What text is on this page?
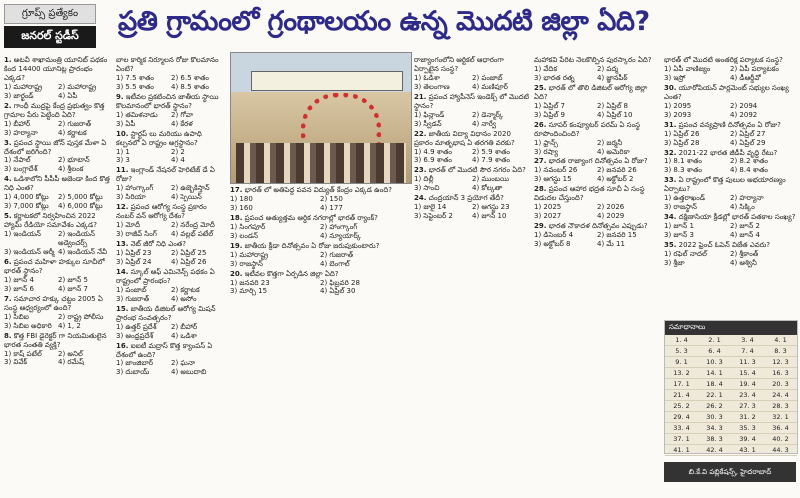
గ్రూప్స్ ప్రత్యేకం
జనరల్ స్టడీస్	ప్రతి గ్రామంలో గ్రంథాలయం ఉన్న మొదటి జిల్లా ఏది?
1. అటవీ శాఖామంత్రి యూనిట్ పథకం కింద 14400 యూనిట్ల ప్రారంభం ఎక్కడ?
1) మహారాష్ట్ర	2) మహారాష్ట్ర
3) జార్ఖండ్	4) ఏపీ
2. గాంధీ ముద్రపై కేంద్ర ప్రభుత్వం కొత్త గ్రామాల పేరు పెట్టింది ఏది?
1) బీహార్	2) గుజరాత్
3) హర్యానా	4) కర్ణాటక
3. ప్రపంచ స్థాయి జోన్ పుస్తక మేళా ఏ దేశంలో జరిగింది?
1) నేపాల్	2) భూటాన్
3) బంగ్లాదేశ్	4) శ్రీలంక
4. ఒడిశాలోని పీపీపీ అజెండా కింద కొత్త నిధి ఎంత?
1) 4,000 కోట్లు	2) 5,000 కోట్లు
3) 7,000 కోట్లు	4) 6,000 కోట్లు
5. కర్ణాటకలో నిర్వహించిన 2022 హ్యామ్ రేడియో సమావేశం ఎక్కడ?
1) ఇండియన్	2) ఇండియన్ అడ్వెంచర్స్
3) ఇండియన్ ఆర్మీ 4) ఇండియన్ నేవీ
6. ప్రపంచ మహిళా హక్కుల సూచీలో భారత్ స్థానం?
1) జూన్ 4	2) జూన్ 5
3) జూన్ 6	4) జూన్ 7
7. సమాచార హక్కు చట్టం 2005 ఏ సంస్థ ఆధ్వర్యంలో ఉంది?
1) సిబిఐ	2) రాష్ట్ర పోలీసు
3) సిబిఐ అధికారి 4) 1, 2
8. కొత్త FBI డైరెక్టర్ గా నియమితులైన భారత సంతతి వ్యక్తి?
1) కాష్ పటేల్	2) అనిల్
3) వివేక్	4) రమేష్
బాల కార్మిక నిర్మూలన రోజు కొలమానం ఏంటి?
1) 7.5 శాతం	2) 6.5 శాతం
3) 5.5 శాతం	4) 8.5 శాతం
9. ఇటీవల ప్రకటించిన జాతీయ స్థాయి కొలమానంలో భారత్ స్థానం?
1) తమిళనాడు	2) గోవా
3) ఏపీ	4) కేరళ
10. స్టార్టప్ లు మరియు ఉపాధి కల్పనలో ఏ రాష్ట్రం అగ్రస్థానం?
1) 1	2) 2
3) 3	4) 4
11. ఇంగ్లాండ్ నేషనల్ హెరిటేజ్ డే ఏ రోజు?
1) హాంగ్కాంగ్	2) ఉజ్బెకిస్తాన్
3) సిరియా	4) స్పెయిన్
12. ప్రపంచ ఆరోగ్య సంస్థ ప్రకారం నంబర్ వన్ ఆరోగ్య దేశం?
1) మోదీ	2) నరేంద్ర మోదీ
3) రాజీవ్ సింగ్	4) వల్లభ్ పటేల్
13. నెట్ జీరో నిధి ఎంత?
1) ఏప్రిల్ 23	2) ఏప్రిల్ 25
3) ఏప్రిల్ 24	4) ఏప్రిల్ 26
14. స్కూల్ ఆఫ్ ఎమినెన్స్ పథకం ఏ రాష్ట్రంలో ప్రారంభం?
1) పంజాబ్	2) కర్ణాటక
3) గుజరాత్	4) అసోం
15. జాతీయ డిజిటల్ ఆరోగ్య మిషన్ ప్రారంభ సంవత్సరం?
1) ఉత్తర్ ప్రదేశ్	2) బీహార్
3) ఆంధ్రప్రదేశ్	4) ఒడిశా
16. ఐఐటీ మద్రాస్ కొత్త క్యాంపస్ ఏ దేశంలో ఉంది?
1) జాంజిబార్	2) ఘనా
3) దుబాయ్	4) అబుదాబి
17. భారత్ లో అతిపెద్ద పవన విద్యుత్ కేంద్రం ఎక్కడ ఉంది?
1) 180	2) 150
3) 160	4) 177
18. ప్రపంచ అత్యుత్తమ ఆర్థిక నగరాల్లో భారత్ ర్యాంక్?
1) సింగపూర్	2) హాంగ్కాంగ్
3) లండన్	4) న్యూయార్క్
19. జాతీయ క్రీడా దినోత్సవం ఏ రోజు జరుపుకుంటారు?
1) మహారాష్ట్ర	2) గుజరాత్
3) రాజస్థాన్	4) బెంగాల్
20. ఇటీవల కొత్తగా ఏర్పడిన జిల్లా ఏది?
1) జనవరి 23	2) ఫిబ్రవరి 28
3) మార్చి 15	4) ఏప్రిల్ 30
రాజ్యాంగంలోని ఆర్టికల్ ఆధారంగా ఏర్పాటైన సంస్థ?
1) ఓడిశా	2) పంజాబ్
3) తెలంగాణ	4) మణిపూర్
21. ప్రపంచ హ్యాపీనెస్ ఇండెక్స్ లో మొదటి స్థానం?
1) ఫిన్లాండ్	2) డెన్మార్క్
3) స్వీడన్	4) నార్వే
22. జాతీయ విద్యా విధానం 2020 ప్రకారం మాతృభాష ఏ తరగతి వరకు?
1) 4.9 శాతం	2) 5.9 శాతం
3) 6.9 శాతం	4) 7.9 శాతం
23. భారత్ లో మొదటి సౌర నగరం ఏది?
1) దిల్లీ	2) ముంబయి
3) సాంచి	4) కోల్కతా
24. చంద్రయాన్ 3 ప్రయోగ తేదీ?
1) జులై 14	2) ఆగస్టు 23
3) సెప్టెంబర్ 2	4) జూన్ 10
మహాకవి పేరిట నెలకొల్పిన పురస్కారం ఏది?
1) వేదిక	2) పద్మ
3) భారత రత్న	4) జ్ఞానపీఠ్
25. భారత్ లో తొలి డిజిటల్ ఆరోగ్య జిల్లా ఏది?
1) ఏప్రిల్ 7	2) ఏప్రిల్ 8
3) ఏప్రిల్ 9	4) ఏప్రిల్ 10
26. సూపర్ కంప్యూటర్ పరమ్ ఏ సంస్థ రూపొందించింది?
1) ఫ్రాన్స్	2) జర్మనీ
3) రష్యా	4) అమెరికా
27. భారత రాజ్యాంగ దినోత్సవం ఏ రోజు?
1) నవంబర్ 26	2) జనవరి 26
3) ఆగస్టు 15	4) అక్టోబర్ 2
28. ప్రపంచ ఆహార భద్రత సూచీ ఏ సంస్థ విడుదల చేస్తుంది?
1) 2025	2) 2026
3) 2027	4) 2029
29. భారత నౌకాదళ దినోత్సవం ఎప్పుడు?
1) డిసెంబర్ 4	2) జనవరి 15
3) అక్టోబర్ 8	4) మే 11
భారత్ లో మొదటి అంతరిక్ష పర్యాటక సంస్థ?
1) ఏపీ వాణిజ్యం	2) ఏపీ పర్యాటకం
3) ఇస్రో	4) డీఆర్డీవో
30. యూరోపియన్ పార్లమెంట్ సభ్యుల సంఖ్య ఎంత?
1) 2095	2) 2094
3) 2093	4) 2092
31. ప్రపంచ వన్యప్రాణి దినోత్సవం ఏ రోజు?
1) ఏప్రిల్ 26	2) ఏప్రిల్ 27
3) ఏప్రిల్ 28	4) ఏప్రిల్ 29
32. 2021-22 భారత జీడీపీ వృద్ధి రేటు?
1) 8.1 శాతం	2) 8.2 శాతం
3) 8.3 శాతం	4) 8.4 శాతం
33. ఏ రాష్ట్రంలో కొత్త పులుల అభయారణ్యం ఏర్పాటు?
1) ఉత్తరాఖండ్	2) హర్యానా
3) రాజస్థాన్	4) సిక్కిం
34. దక్షిణాసియా క్రీడల్లో భారత్ పతకాల సంఖ్య?
1) జూన్ 1	2) జూన్ 2
3) జూన్ 3	4) జూన్ 4
35. 2022 ఫ్రెంచ్ ఓపెన్ విజేత ఎవరు?
1) రఫెల్ నాదల్	2) శ్రీకాంత్
3) శ్రీజా	4) ఆశ్వినీ
సమాధానాలు
1. 4	2. 1	3. 4	4. 1
5. 3	6. 4	7. 4	8. 3
9. 1	10. 3	11. 3	12. 3
13. 2	14. 1	15. 4	16. 3
17. 1	18. 4	19. 4	20. 3
21. 4	22. 1	23. 4	24. 4
25. 2	26. 2	27. 3	28. 3
29. 4	30. 3	31. 2	32. 1
33. 4	34. 3	35. 3	36. 4
37. 1	38. 3	39. 4	40. 2
41. 1	42. 4	43. 1	44. 3
బి.కే.వి పబ్లికేషన్స్, హైదరాబాద్
